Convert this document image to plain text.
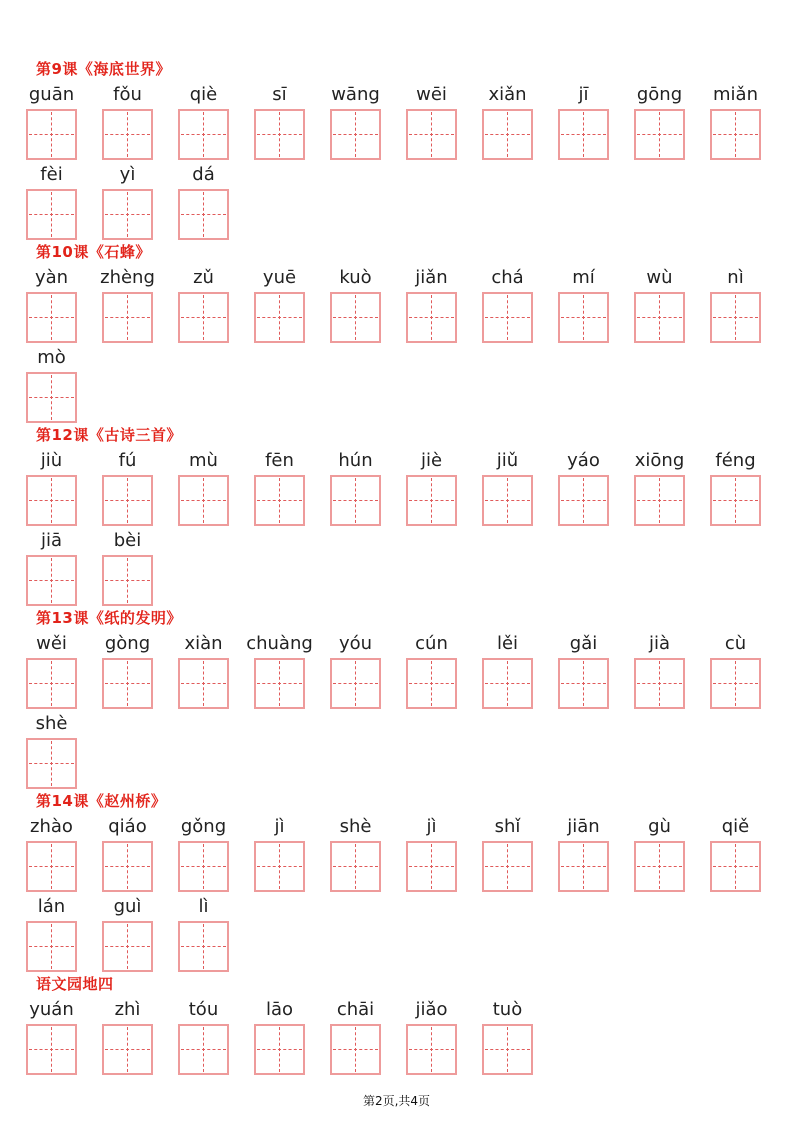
第9课《海底世界》
guān fǒu	qiè	sī wāng wēi xiǎn	jī	gōng miǎn
fèi	yì	dá
第10课《石蜂》
yàn zhèng zǔ	yuē kuò jiǎn chá	mí	wù	nì
mò
第12课《古诗三首》
jiù	fú	mù	fēn hún	jiè	jiǔ	yáo xiōng féng
jiā	bèi
第13课《纸的发明》
wěi gòng xiàn chuàng yóu cún	lěi	gǎi	jià	cù
shè
第14课《赵州桥》
zhào qiáo gǒng	jì	shè	jì	shǐ	jiān	gù	qiě
lán	guì	lì
语文园地四
yuán zhì	tóu	lāo chāi jiǎo	tuò
第2页,共4页
